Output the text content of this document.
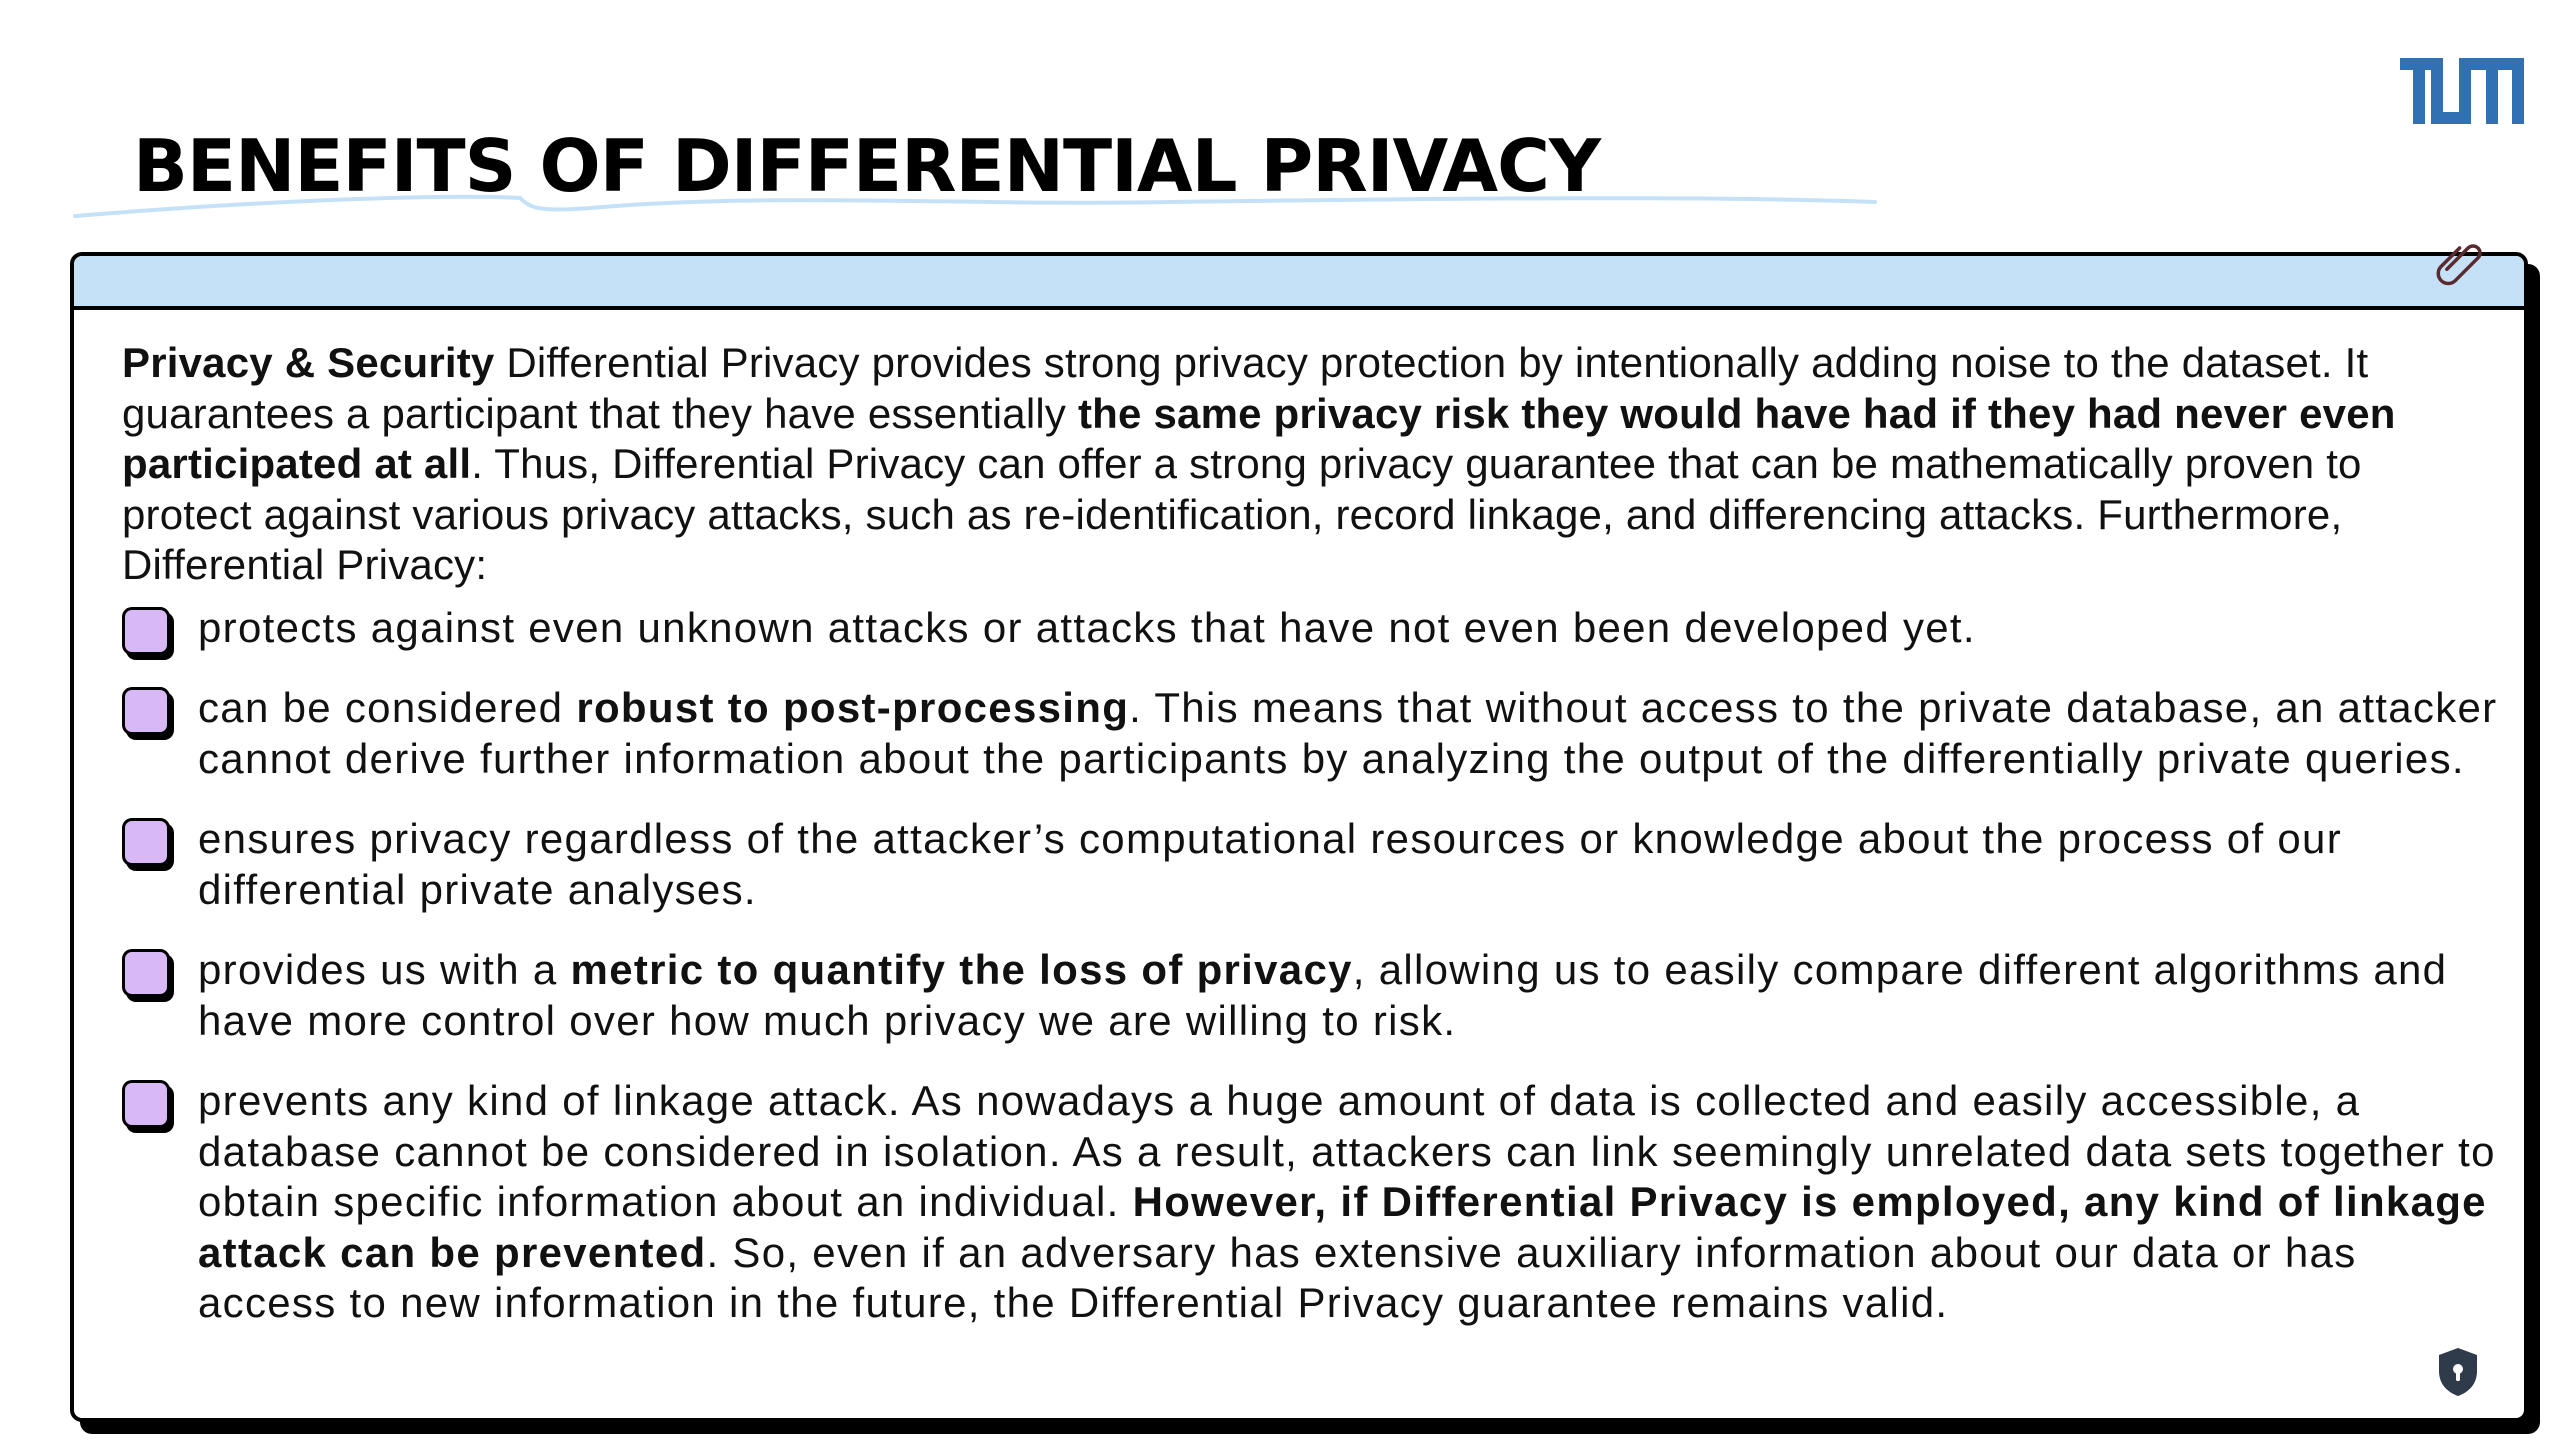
BENEFITS OF DIFFERENTIAL PRIVACY

Privacy & Security Differential Privacy provides strong privacy protection by intentionally adding noise to the dataset. It guarantees a participant that they have essentially the same privacy risk they would have had if they had never even participated at all. Thus, Differential Privacy can offer a strong privacy guarantee that can be mathematically proven to protect against various privacy attacks, such as re-identification, record linkage, and differencing attacks. Furthermore, Differential Privacy:

protects against even unknown attacks or attacks that have not even been developed yet.
can be considered robust to post-processing. This means that without access to the private database, an attacker cannot derive further information about the participants by analyzing the output of the differentially private queries.
ensures privacy regardless of the attacker’s computational resources or knowledge about the process of our differential private analyses.
provides us with a metric to quantify the loss of privacy, allowing us to easily compare different algorithms and have more control over how much privacy we are willing to risk.
prevents any kind of linkage attack. As nowadays a huge amount of data is collected and easily accessible, a database cannot be considered in isolation. As a result, attackers can link seemingly unrelated data sets together to obtain specific information about an individual. However, if Differential Privacy is employed, any kind of linkage attack can be prevented. So, even if an adversary has extensive auxiliary information about our data or has access to new information in the future, the Differential Privacy guarantee remains valid.
